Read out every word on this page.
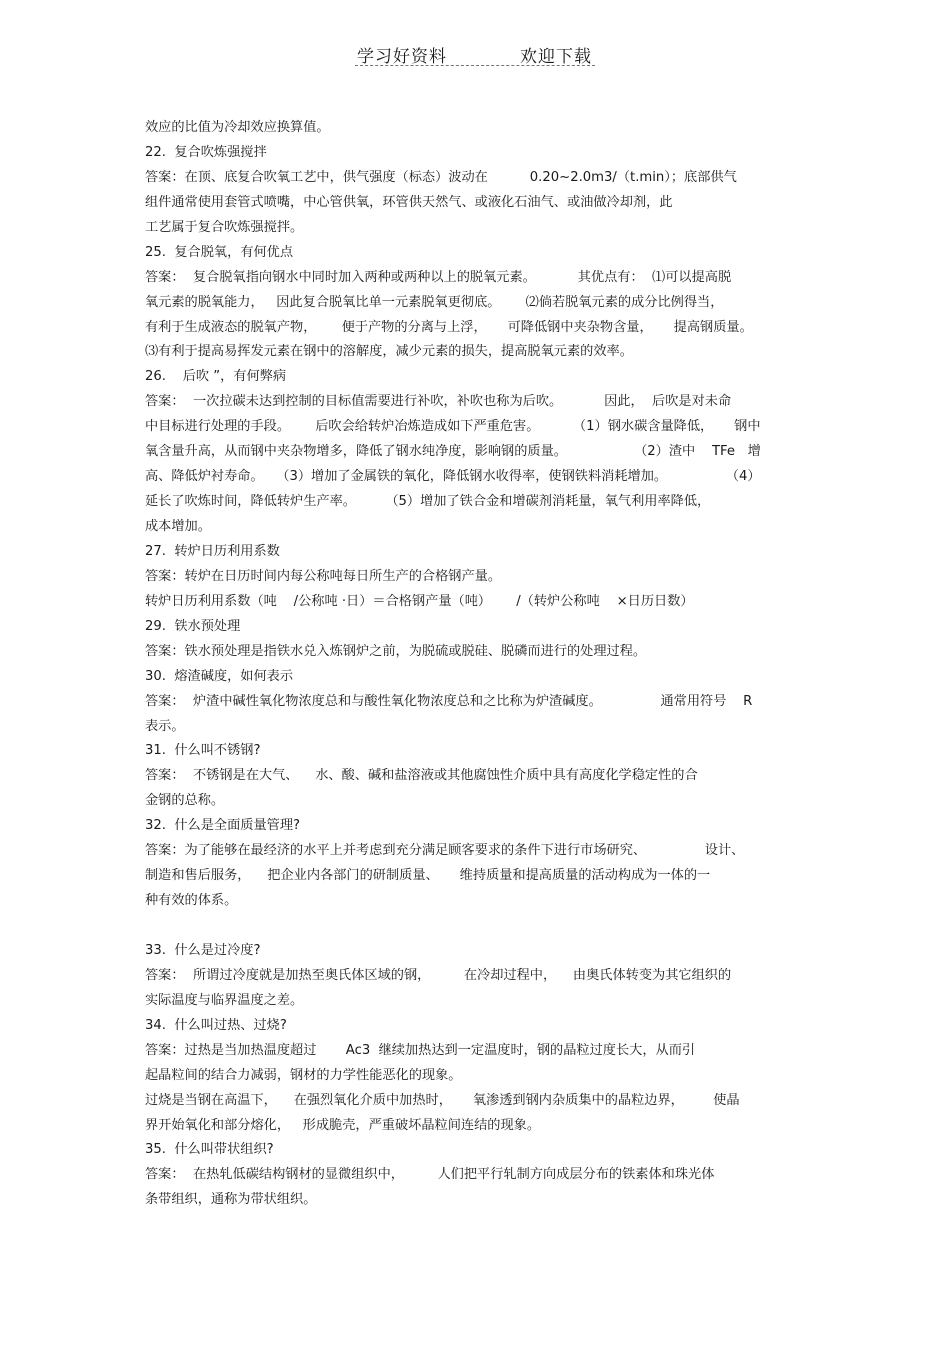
学习好资料	欢迎下载
效应的比值为冷却效应换算值。
22.  复合吹炼强搅拌
答案：在顶、底复合吹氧工艺中，供气强度（标态）波动在          0.20~2.0m3/（t.min）；底部供气
组件通常使用套管式喷嘴，中心管供氧，环管供天然气、或液化石油气、或油做冷却剂，此
工艺属于复合吹炼强搅拌。
25.  复合脱氧，有何优点
答案：  复合脱氧指向钢水中同时加入两种或两种以上的脱氧元素。          其优点有：  ⑴可以提高脱
氧元素的脱氧能力，   因此复合脱氧比单一元素脱氧更彻底。      ⑵倘若脱氧元素的成分比例得当，
有利于生成液态的脱氧产物，      便于产物的分离与上浮，     可降低钢中夹杂物含量，     提高钢质量。
⑶有利于提高易挥发元素在钢中的溶解度，减少元素的损失，提高脱氧元素的效率。
26.    后吹 ”，有何弊病
答案：  一次拉碳未达到控制的目标值需要进行补吹，补吹也称为后吹。          因此，  后吹是对未命
中目标进行处理的手段。      后吹会给转炉冶炼造成如下严重危害。        （1）钢水碳含量降低，     钢中
氧含量升高，从而钢中夹杂物增多，降低了钢水纯净度，影响钢的质量。                （2）渣中    TFe   增
高、降低炉衬寿命。   （3）增加了金属铁的氧化，降低钢水收得率，使钢铁料消耗增加。              （4）
延长了吹炼时间，降低转炉生产率。       （5）增加了铁合金和增碳剂消耗量，氧气利用率降低，
成本增加。
27.  转炉日历利用系数
答案：转炉在日历时间内每公称吨每日所生产的合格钢产量。
转炉日历利用系数（吨    /公称吨 ·日）＝合格钢产量（吨）      /（转炉公称吨    ×日历日数）
29.  铁水预处理
答案：铁水预处理是指铁水兑入炼钢炉之前，为脱硫或脱硅、脱磷而进行的处理过程。
30.  熔渣碱度，如何表示
答案：  炉渣中碱性氧化物浓度总和与酸性氧化物浓度总和之比称为炉渣碱度。              通常用符号    R
表示。
31.  什么叫不锈钢?
答案：  不锈钢是在大气、    水、酸、碱和盐溶液或其他腐蚀性介质中具有高度化学稳定性的合
金钢的总称。
32.  什么是全面质量管理?
答案：为了能够在最经济的水平上并考虑到充分满足顾客要求的条件下进行市场研究、              设计、
制造和售后服务，    把企业内各部门的研制质量、     维持质量和提高质量的活动构成为一体的一
种有效的体系。
33.  什么是过冷度?
答案：  所谓过冷度就是加热至奥氏体区域的钢，        在冷却过程中，    由奥氏体转变为其它组织的
实际温度与临界温度之差。
34.  什么叫过热、过烧?
答案：过热是当加热温度超过       Ac3  继续加热达到一定温度时，钢的晶粒过度长大，从而引
起晶粒间的结合力减弱，钢材的力学性能恶化的现象。
过烧是当钢在高温下，    在强烈氧化介质中加热时，     氧渗透到钢内杂质集中的晶粒边界，       使晶
界开始氧化和部分熔化，   形成脆壳，严重破坏晶粒间连结的现象。
35.  什么叫带状组织?
答案：  在热轧低碳结构钢材的显微组织中，        人们把平行轧制方向成层分布的铁素体和珠光体
条带组织，通称为带状组织。
